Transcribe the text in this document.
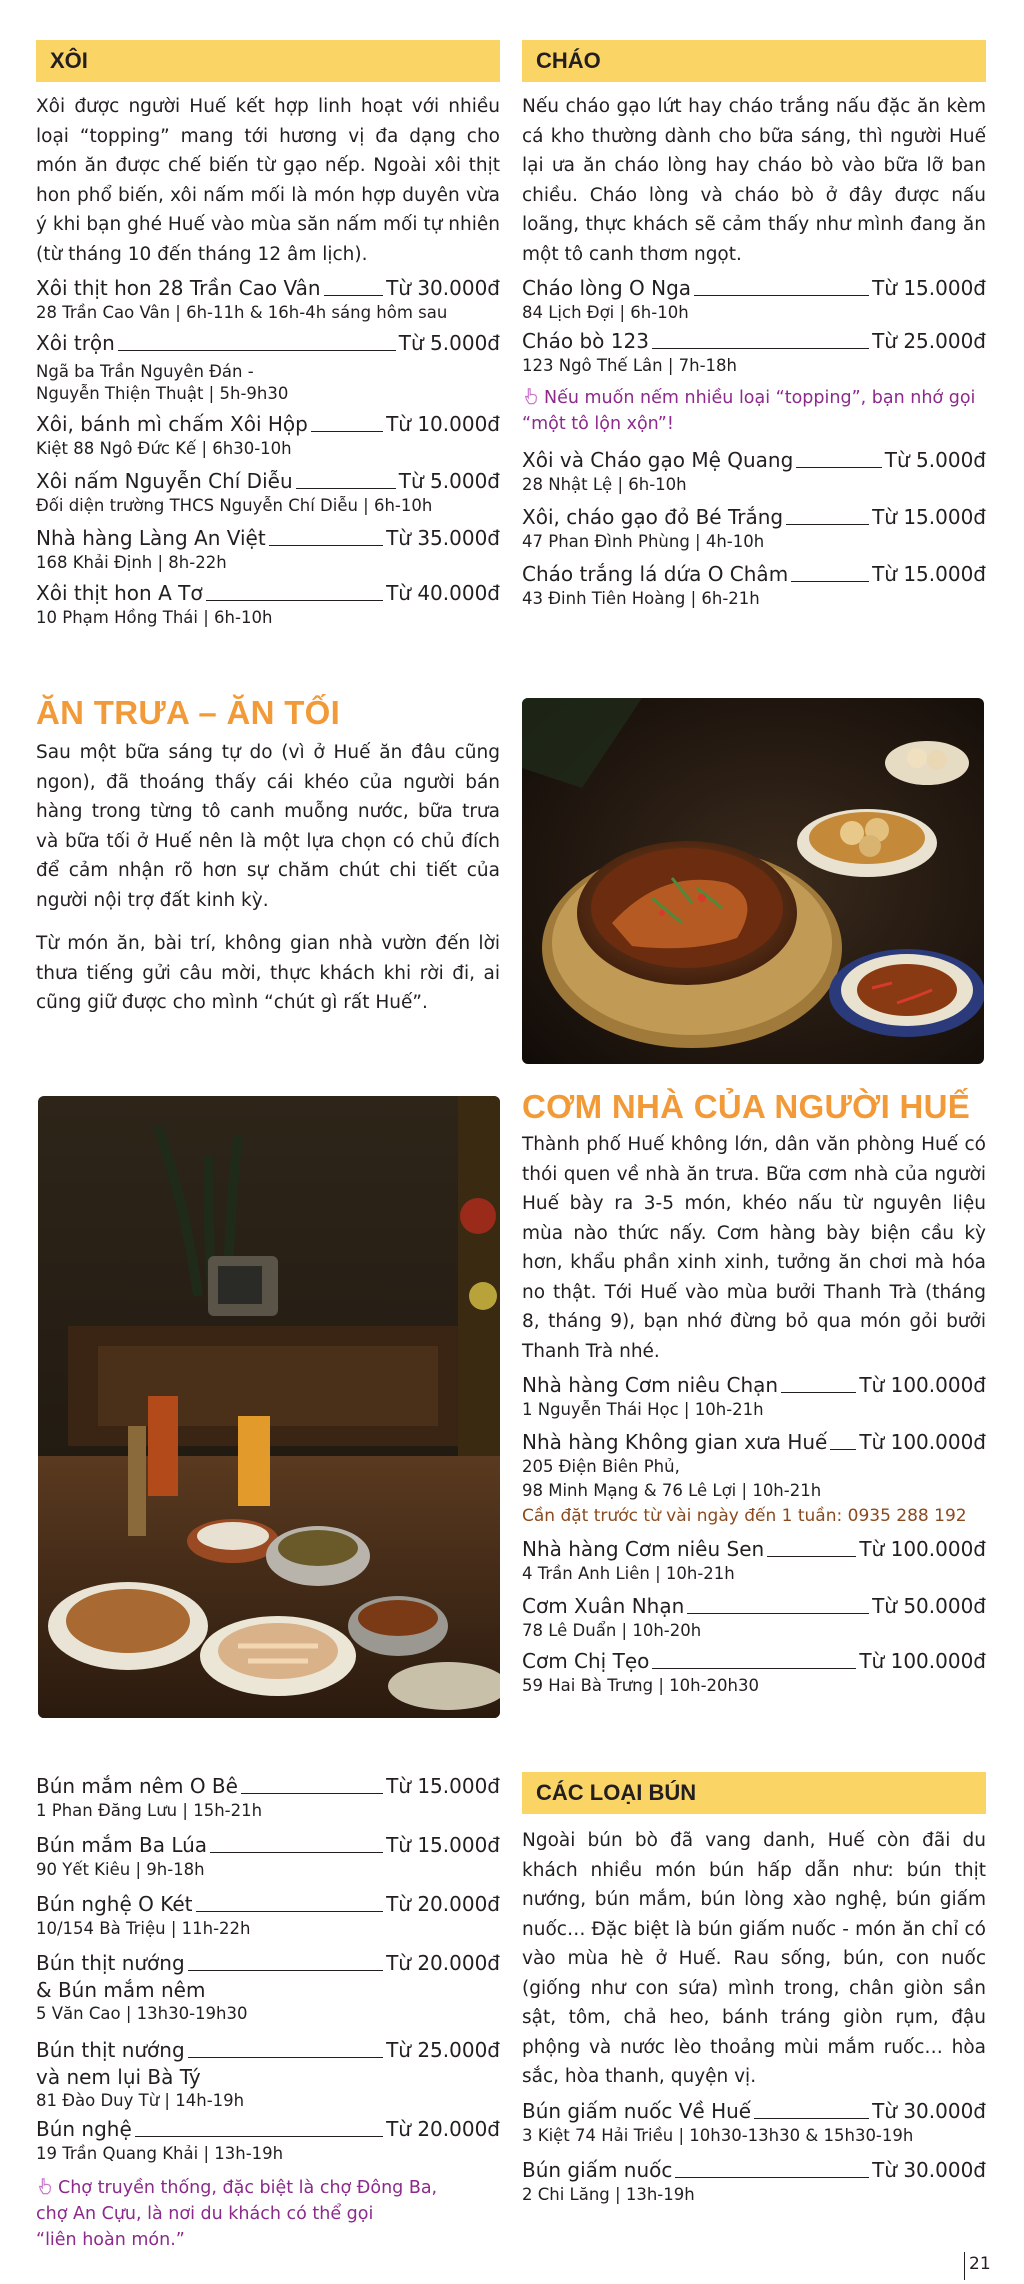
XÔI

Xôi được người Huế kết hợp linh hoạt với nhiều loại “topping” mang tới hương vị đa dạng cho món ăn được chế biến từ gạo nếp. Ngoài xôi thịt hon phổ biến, xôi nấm mối là món hợp duyên vừa ý khi bạn ghé Huế vào mùa săn nấm mối tự nhiên (từ tháng 10 đến tháng 12 âm lịch).

Xôi thịt hon 28 Trần Cao Vân	Từ 30.000đ
28 Trần Cao Vân | 6h-11h & 16h-4h sáng hôm sau
Xôi trộn	Từ 5.000đ
Ngã ba Trần Nguyên Đán -
Nguyễn Thiện Thuật | 5h-9h30
Xôi, bánh mì chấm Xôi Hộp	Từ 10.000đ
Kiệt 88 Ngô Đức Kế | 6h30-10h
Xôi nấm Nguyễn Chí Diễu	Từ 5.000đ
Đối diện trường THCS Nguyễn Chí Diễu | 6h-10h
Nhà hàng Làng An Việt	Từ 35.000đ
168 Khải Định | 8h-22h
Xôi thịt hon A Tơ	Từ 40.000đ
10 Phạm Hồng Thái | 6h-10h
CHÁO

Nếu cháo gạo lứt hay cháo trắng nấu đặc ăn kèm cá kho thường dành cho bữa sáng, thì người Huế lại ưa ăn cháo lòng hay cháo bò vào bữa lỡ ban chiều. Cháo lòng và cháo bò ở đây được nấu loãng, thực khách sẽ cảm thấy như mình đang ăn một tô canh thơm ngọt.

Cháo lòng O Nga	Từ 15.000đ
84 Lịch Đợi | 6h-10h
Cháo bò 123	Từ 25.000đ
123 Ngô Thế Lân | 7h-18h
Nếu muốn nếm nhiều loại “topping”, bạn nhớ gọi “một tô lộn xộn”!
Xôi và Cháo gạo Mệ Quang	Từ 5.000đ
28 Nhật Lệ | 6h-10h
Xôi, cháo gạo đỏ Bé Trắng	Từ 15.000đ
47 Phan Đình Phùng | 4h-10h
Cháo trắng lá dứa O Châm	Từ 15.000đ
43 Đinh Tiên Hoàng | 6h-21h
ĂN TRƯA – ĂN TỐI

Sau một bữa sáng tự do (vì ở Huế ăn đâu cũng ngon), đã thoáng thấy cái khéo của người bán hàng trong từng tô canh muỗng nước, bữa trưa và bữa tối ở Huế nên là một lựa chọn có chủ đích để cảm nhận rõ hơn sự chăm chút chi tiết của người nội trợ đất kinh kỳ.

Từ món ăn, bài trí, không gian nhà vườn đến lời thưa tiếng gửi câu mời, thực khách khi rời đi, ai cũng giữ được cho mình “chút gì rất Huế”.

CƠM NHÀ CỦA NGƯỜI HUẾ

Thành phố Huế không lớn, dân văn phòng Huế có thói quen về nhà ăn trưa. Bữa cơm nhà của người Huế bày ra 3-5 món, khéo nấu từ nguyên liệu mùa nào thức nấy. Cơm hàng bày biện cầu kỳ hơn, khẩu phần xinh xinh, tưởng ăn chơi mà hóa no thật. Tới Huế vào mùa bưởi Thanh Trà (tháng 8, tháng 9), bạn nhớ đừng bỏ qua món gỏi bưởi Thanh Trà nhé.

Nhà hàng Cơm niêu Chạn	Từ 100.000đ
1 Nguyễn Thái Học | 10h-21h
Nhà hàng Không gian xưa Huế Từ 100.000đ
205 Điện Biên Phủ,
98 Minh Mạng & 76 Lê Lợi | 10h-21h
Cần đặt trước từ vài ngày đến 1 tuần: 0935 288 192
Nhà hàng Cơm niêu Sen	Từ 100.000đ
4 Trần Anh Liên | 10h-21h
Cơm Xuân Nhạn	Từ 50.000đ
78 Lê Duẩn | 10h-20h
Cơm Chị Tẹo	Từ 100.000đ
59 Hai Bà Trưng | 10h-20h30
Bún mắm nêm O Bê	Từ 15.000đ
1 Phan Đăng Lưu | 15h-21h
Bún mắm Ba Lúa	Từ 15.000đ
90 Yết Kiêu | 9h-18h
Bún nghệ O Két	Từ 20.000đ
10/154 Bà Triệu | 11h-22h
Bún thịt nướng	Từ 20.000đ
& Bún mắm nêm
5 Văn Cao | 13h30-19h30
Bún thịt nướng	Từ 25.000đ
và nem lụi Bà Tý
81 Đào Duy Từ | 14h-19h
Bún nghệ	Từ 20.000đ
19 Trần Quang Khải | 13h-19h
Chợ truyền thống, đặc biệt là chợ Đông Ba,
chợ An Cựu, là nơi du khách có thể gọi
“liên hoàn món.”
CÁC LOẠI BÚN

Ngoài bún bò đã vang danh, Huế còn đãi du khách nhiều món bún hấp dẫn như: bún thịt nướng, bún mắm, bún lòng xào nghệ, bún giấm nuốc… Đặc biệt là bún giấm nuốc - món ăn chỉ có vào mùa hè ở Huế. Rau sống, bún, con nuốc (giống như con sứa) mình trong, chân giòn sần sật, tôm, chả heo, bánh tráng giòn rụm, đậu phộng và nước lèo thoảng mùi mắm ruốc… hòa sắc, hòa thanh, quyện vị.

Bún giấm nuốc Về Huế	Từ 30.000đ
3 Kiệt 74 Hải Triều | 10h30-13h30 & 15h30-19h
Bún giấm nuốc	Từ 30.000đ
2 Chi Lăng | 13h-19h
21
